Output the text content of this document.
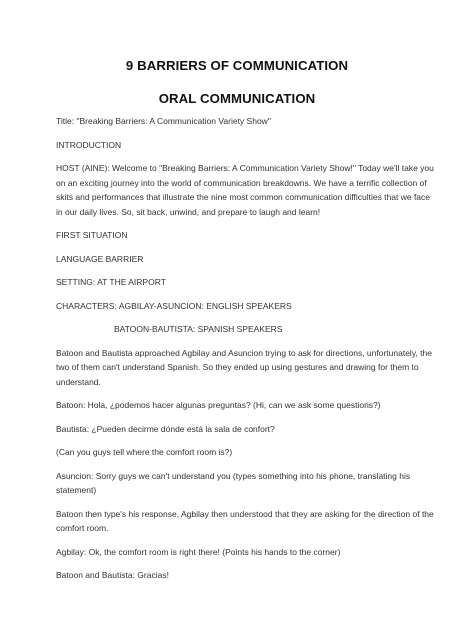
9 BARRIERS OF COMMUNICATION
ORAL COMMUNICATION

Title: "Breaking Barriers: A Communication Variety Show"

INTRODUCTION

HOST (AINE): Welcome to "Breaking Barriers: A Communication Variety Show!" Today we'll take you on an exciting journey into the world of communication breakdowns. We have a terrific collection of skits and performances that illustrate the nine most common communication difficulties that we face in our daily lives. So, sit back, unwind, and prepare to laugh and learn!

FIRST SITUATION

LANGUAGE BARRIER

SETTING: AT THE AIRPORT

CHARACTERS: AGBILAY-ASUNCION: ENGLISH SPEAKERS

BATOON-BAUTISTA: SPANISH SPEAKERS

Batoon and Bautista approached Agbilay and Asuncion trying to ask for directions, unfortunately, the two of them can't understand Spanish. So they ended up using gestures and drawing for them to understand.

Batoon: Hola, ¿podemos hacer algunas preguntas? (Hi, can we ask some questions?)

Bautista: ¿Pueden decirme dónde está la sala de confort?

(Can you guys tell where the comfort room is?)

Asuncion: Sorry guys we can't understand you (types something into his phone, translating his statement)

Batoon then type's his response, Agbilay then understood that they are asking for the direction of the comfort room.

Agbilay: Ok, the comfort room is right there! (Points his hands to the corner)

Batoon and Bautista: Gracias!
